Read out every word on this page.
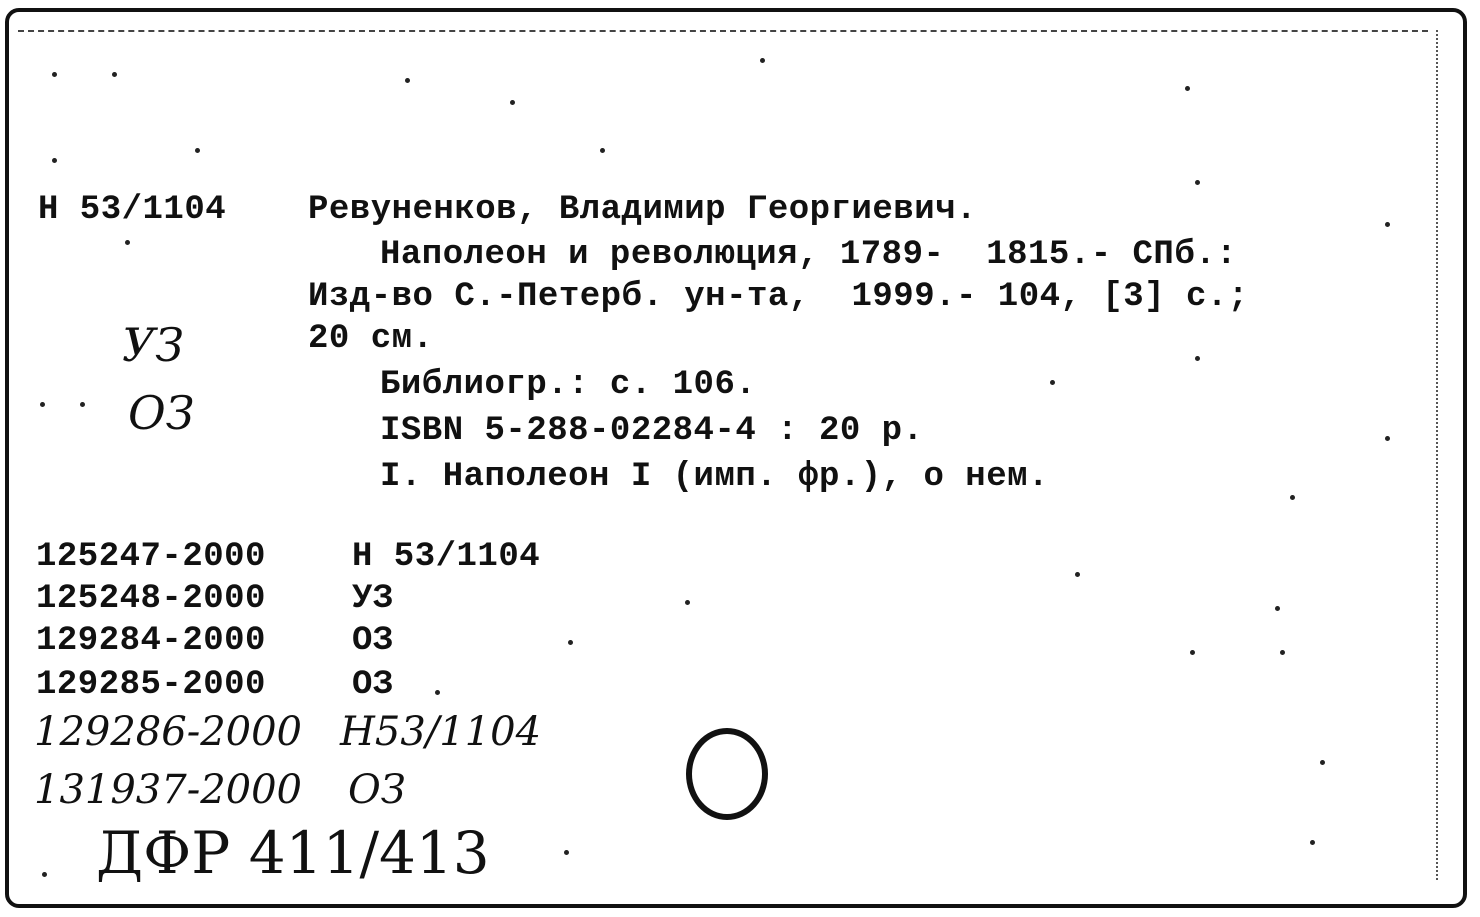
Н 53/1104 Ревуненков, Владимир Георгиевич.
Наполеон и революция, 1789-  1815.- СПб.:
Изд-во С.-Петерб. ун-та,  1999.- 104, [3] с.;
20 см.
Библиогр.: с. 106.
ISBN 5-288-02284-4 : 20 р.
I. Наполеон I (имп. фр.), о нем.
УЗ
ОЗ
125247-2000	Н 53/1104
125248-2000	УЗ
129284-2000	ОЗ
129285-2000	ОЗ
129286-2000 Н53/1104
131937-2000 ОЗ
ДФР 411/413
